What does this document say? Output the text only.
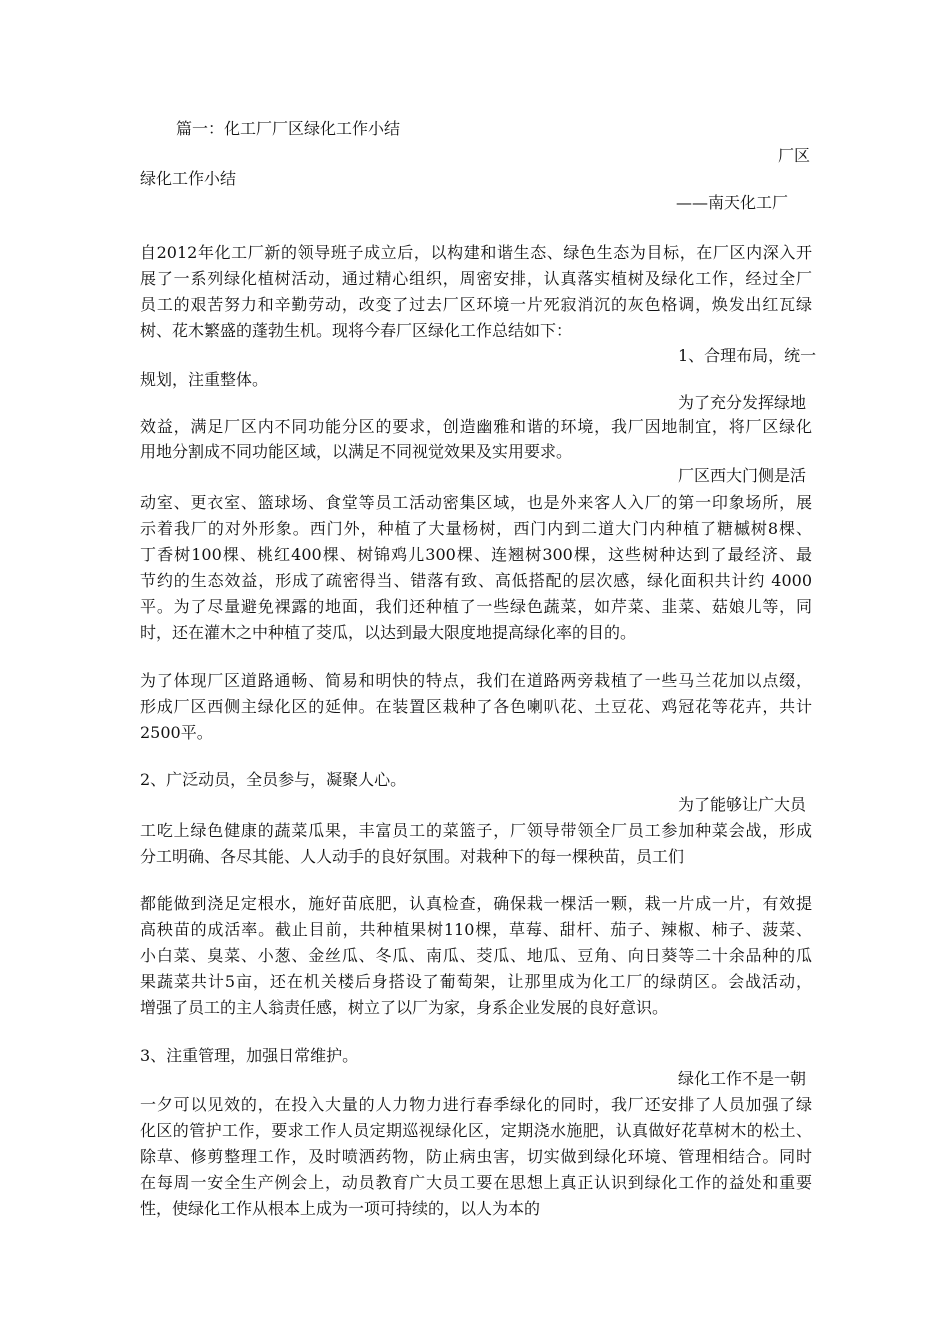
篇一：化工厂厂区绿化工作小结
厂区
绿化工作小结
——南天化工厂
自2012年化工厂新的领导班子成立后，以构建和谐生态、绿色生态为目标，在厂区内深入开
展了一系列绿化植树活动，通过精心组织，周密安排，认真落实植树及绿化工作，经过全厂
员工的艰苦努力和辛勤劳动，改变了过去厂区环境一片死寂消沉的灰色格调，焕发出红瓦绿
树、花木繁盛的蓬勃生机。现将今春厂区绿化工作总结如下：
1、合理布局，统一
规划，注重整体。
为了充分发挥绿地
效益，满足厂区内不同功能分区的要求，创造幽雅和谐的环境，我厂因地制宜，将厂区绿化
用地分割成不同功能区域，以满足不同视觉效果及实用要求。
厂区西大门侧是活
动室、更衣室、篮球场、食堂等员工活动密集区域，也是外来客人入厂的第一印象场所，展
示着我厂的对外形象。西门外，种植了大量杨树，西门内到二道大门内种植了糖槭树8棵、
丁香树100棵、桃红400棵、树锦鸡儿300棵、连翘树300棵，这些树种达到了最经济、最
节约的生态效益，形成了疏密得当、错落有致、高低搭配的层次感，绿化面积共计约 4000
平。为了尽量避免裸露的地面，我们还种植了一些绿色蔬菜，如芹菜、韭菜、菇娘儿等，同
时，还在灌木之中种植了茭瓜，以达到最大限度地提高绿化率的目的。
为了体现厂区道路通畅、简易和明快的特点，我们在道路两旁栽植了一些马兰花加以点缀，
形成厂区西侧主绿化区的延伸。在装置区栽种了各色喇叭花、土豆花、鸡冠花等花卉，共计
2500平。
2、广泛动员，全员参与，凝聚人心。
为了能够让广大员
工吃上绿色健康的蔬菜瓜果，丰富员工的菜篮子，厂领导带领全厂员工参加种菜会战，形成
分工明确、各尽其能、人人动手的良好氛围。对栽种下的每一棵秧苗，员工们
都能做到浇足定根水，施好苗底肥，认真检查，确保栽一棵活一颗，栽一片成一片，有效提
高秧苗的成活率。截止目前，共种植果树110棵，草莓、甜杆、茄子、辣椒、柿子、菠菜、
小白菜、臭菜、小葱、金丝瓜、冬瓜、南瓜、茭瓜、地瓜、豆角、向日葵等二十余品种的瓜
果蔬菜共计5亩，还在机关楼后身搭设了葡萄架，让那里成为化工厂的绿荫区。会战活动，
增强了员工的主人翁责任感，树立了以厂为家，身系企业发展的良好意识。
3、注重管理，加强日常维护。
绿化工作不是一朝
一夕可以见效的，在投入大量的人力物力进行春季绿化的同时，我厂还安排了人员加强了绿
化区的管护工作，要求工作人员定期巡视绿化区，定期浇水施肥，认真做好花草树木的松土、
除草、修剪整理工作，及时喷洒药物，防止病虫害，切实做到绿化环境、管理相结合。同时
在每周一安全生产例会上，动员教育广大员工要在思想上真正认识到绿化工作的益处和重要
性，使绿化工作从根本上成为一项可持续的，以人为本的
